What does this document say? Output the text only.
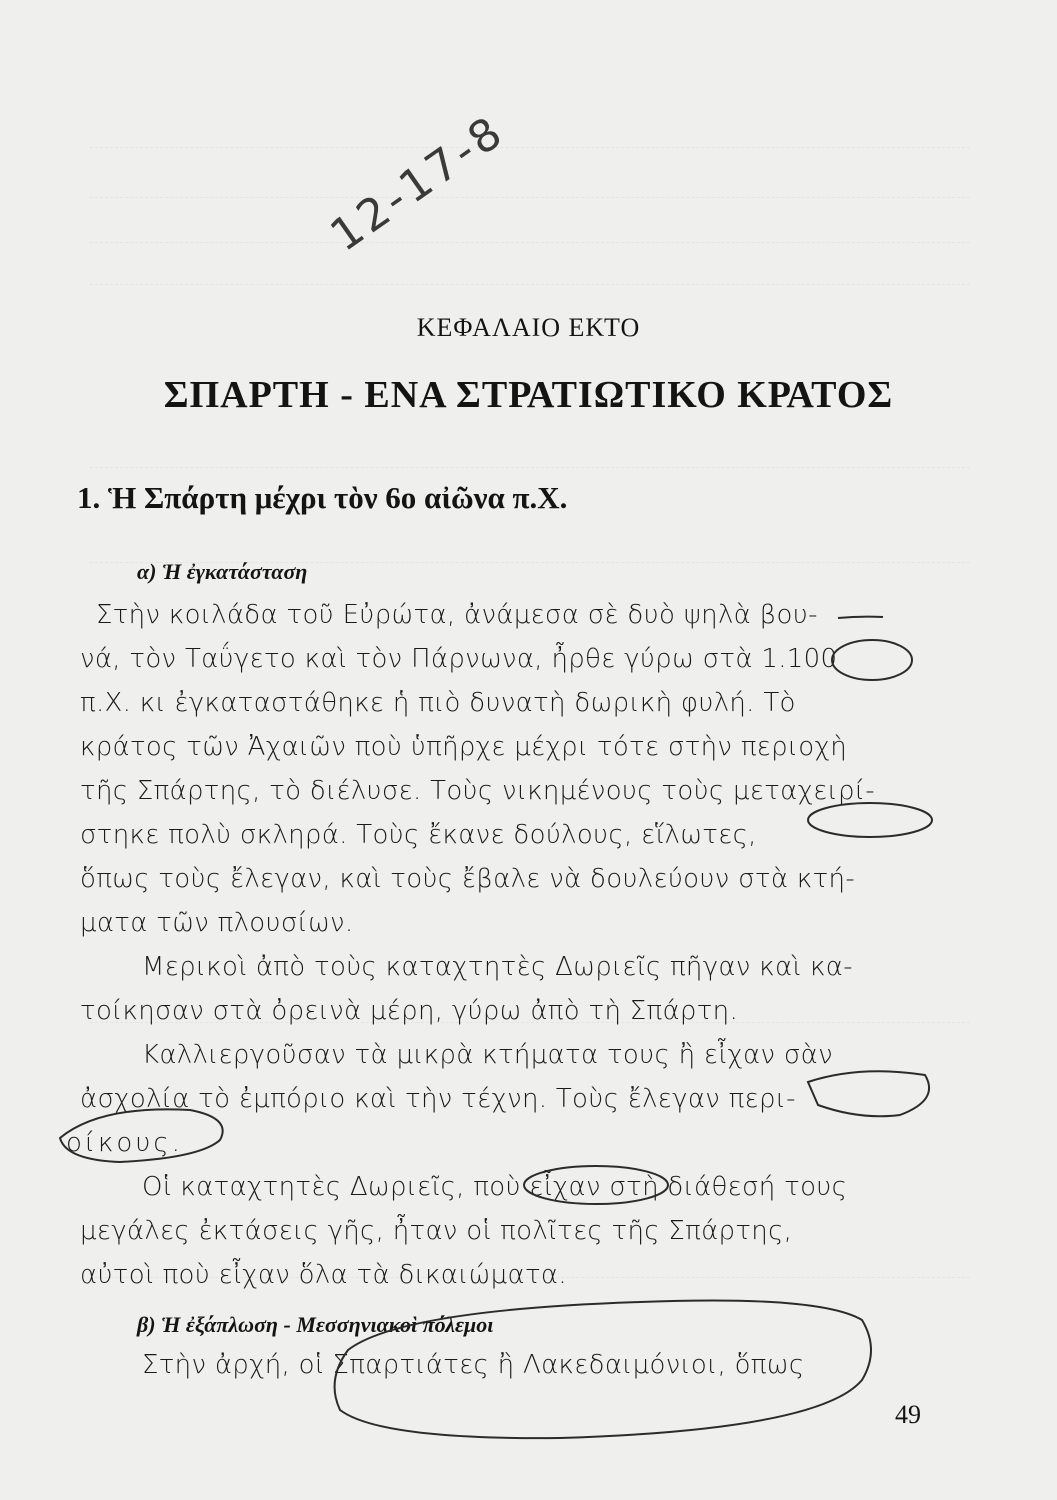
12-17-8
ΚΕΦΑΛΑΙΟ ΕΚΤΟ
ΣΠΑΡΤΗ - ΕΝΑ ΣΤΡΑΤΙΩΤΙΚΟ ΚΡΑΤΟΣ
1. Ἡ Σπάρτη μέχρι τὸν 6ο αἰῶνα π.Χ.
α) Ἡ ἐγκατάσταση
Στὴν κοιλάδα τοῦ Εὐρώτα, ἀνάμεσα σὲ δυὸ ψηλὰ βου-
νά, τὸν Ταΰγετο καὶ τὸν Πάρνωνα, ἦρθε γύρω στὰ 1.100
π.Χ. κι ἐγκαταστάθηκε ἡ πιὸ δυνατὴ δωρικὴ φυλή. Τὸ
κράτος τῶν Ἀχαιῶν ποὺ ὑπῆρχε μέχρι τότε στὴν περιοχὴ
τῆς Σπάρτης, τὸ διέλυσε. Τοὺς νικημένους τοὺς μεταχειρί-
στηκε πολὺ σκληρά. Τοὺς ἔκανε δούλους, εἵλωτες,
ὅπως τοὺς ἔλεγαν, καὶ τοὺς ἔβαλε νὰ δουλεύουν στὰ κτή-
ματα τῶν πλουσίων.
Μερικοὶ ἀπὸ τοὺς καταχτητὲς Δωριεῖς πῆγαν καὶ κα-
τοίκησαν στὰ ὀρεινὰ μέρη, γύρω ἀπὸ τὴ Σπάρτη.
Καλλιεργοῦσαν τὰ μικρὰ κτήματα τους ἢ εἶχαν σὰν
ἀσχολία τὸ ἐμπόριο καὶ τὴν τέχνη. Τοὺς ἔλεγαν περι-
οίκους.
Οἱ καταχτητὲς Δωριεῖς, ποὺ εἶχαν στὴ διάθεσή τους
μεγάλες ἐκτάσεις γῆς, ἦταν οἱ πολῖτες τῆς Σπάρτης,
αὐτοὶ ποὺ εἶχαν ὅλα τὰ δικαιώματα.
β) Ἡ ἐξάπλωση - Μεσσηνιακοὶ πόλεμοι
Στὴν ἀρχή, οἱ Σπαρτιάτες ἢ Λακεδαιμόνιοι, ὅπως
49
